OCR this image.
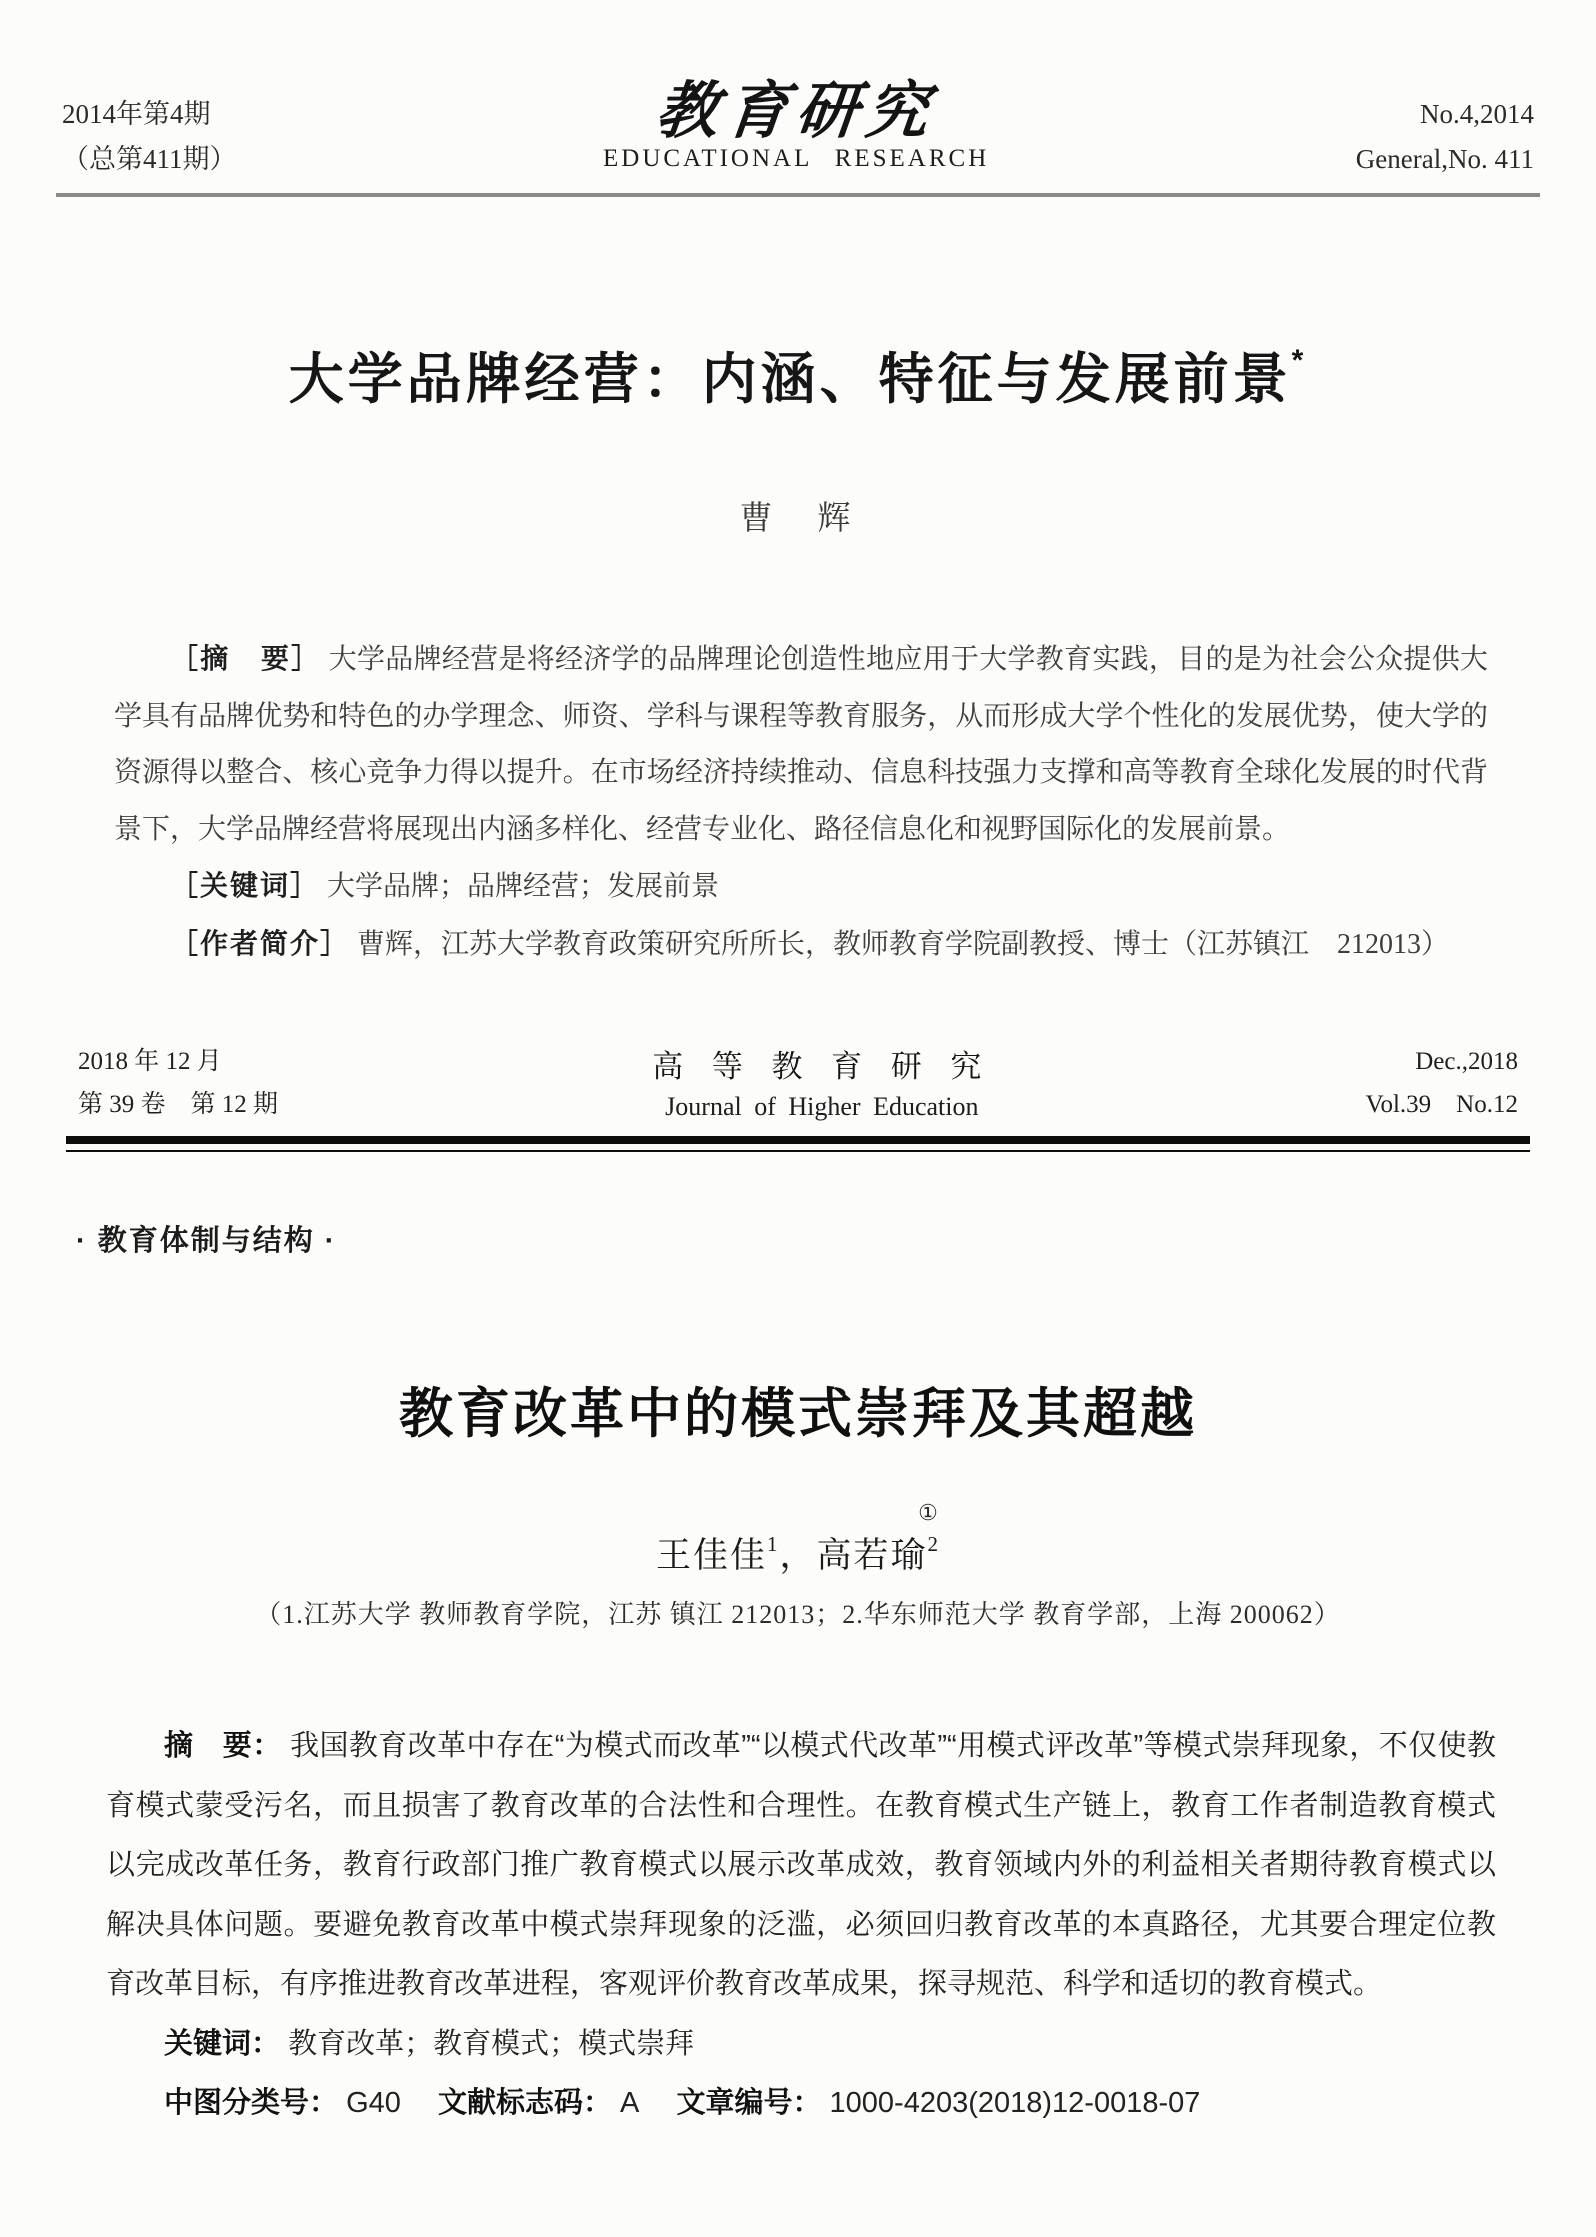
2014年第4期
（总第411期）
教育研究
EDUCATIONAL RESEARCH
No.4,2014
General,No. 411
大学品牌经营：内涵、特征与发展前景*
曹　辉

［摘　要］ 大学品牌经营是将经济学的品牌理论创造性地应用于大学教育实践，目的是为社会公众提供大学具有品牌优势和特色的办学理念、师资、学科与课程等教育服务，从而形成大学个性化的发展优势，使大学的资源得以整合、核心竞争力得以提升。在市场经济持续推动、信息科技强力支撑和高等教育全球化发展的时代背景下，大学品牌经营将展现出内涵多样化、经营专业化、路径信息化和视野国际化的发展前景。

［关键词］ 大学品牌；品牌经营；发展前景

［作者简介］ 曹辉，江苏大学教育政策研究所所长，教师教育学院副教授、博士（江苏镇江　212013）

2018 年 12 月
第 39 卷　第 12 期
高 等 教 育 研 究
Journal of Higher Education
Dec.,2018
Vol.39　No.12
· 教育体制与结构 ·
教育改革中的模式崇拜及其超越
①
王佳佳$^1$，高若瑜$^2$
（1.江苏大学 教师教育学院，江苏 镇江 212013；2.华东师范大学 教育学部，上海 200062）

摘　要： 我国教育改革中存在“为模式而改革”“以模式代改革”“用模式评改革”等模式崇拜现象，不仅使教育模式蒙受污名，而且损害了教育改革的合法性和合理性。在教育模式生产链上，教育工作者制造教育模式以完成改革任务，教育行政部门推广教育模式以展示改革成效，教育领域内外的利益相关者期待教育模式以解决具体问题。要避免教育改革中模式崇拜现象的泛滥，必须回归教育改革的本真路径，尤其要合理定位教育改革目标，有序推进教育改革进程，客观评价教育改革成果，探寻规范、科学和适切的教育模式。

关键词： 教育改革；教育模式；模式崇拜

中图分类号： G40  文献标志码： A  文章编号： 1000-4203(2018)12-0018-07
